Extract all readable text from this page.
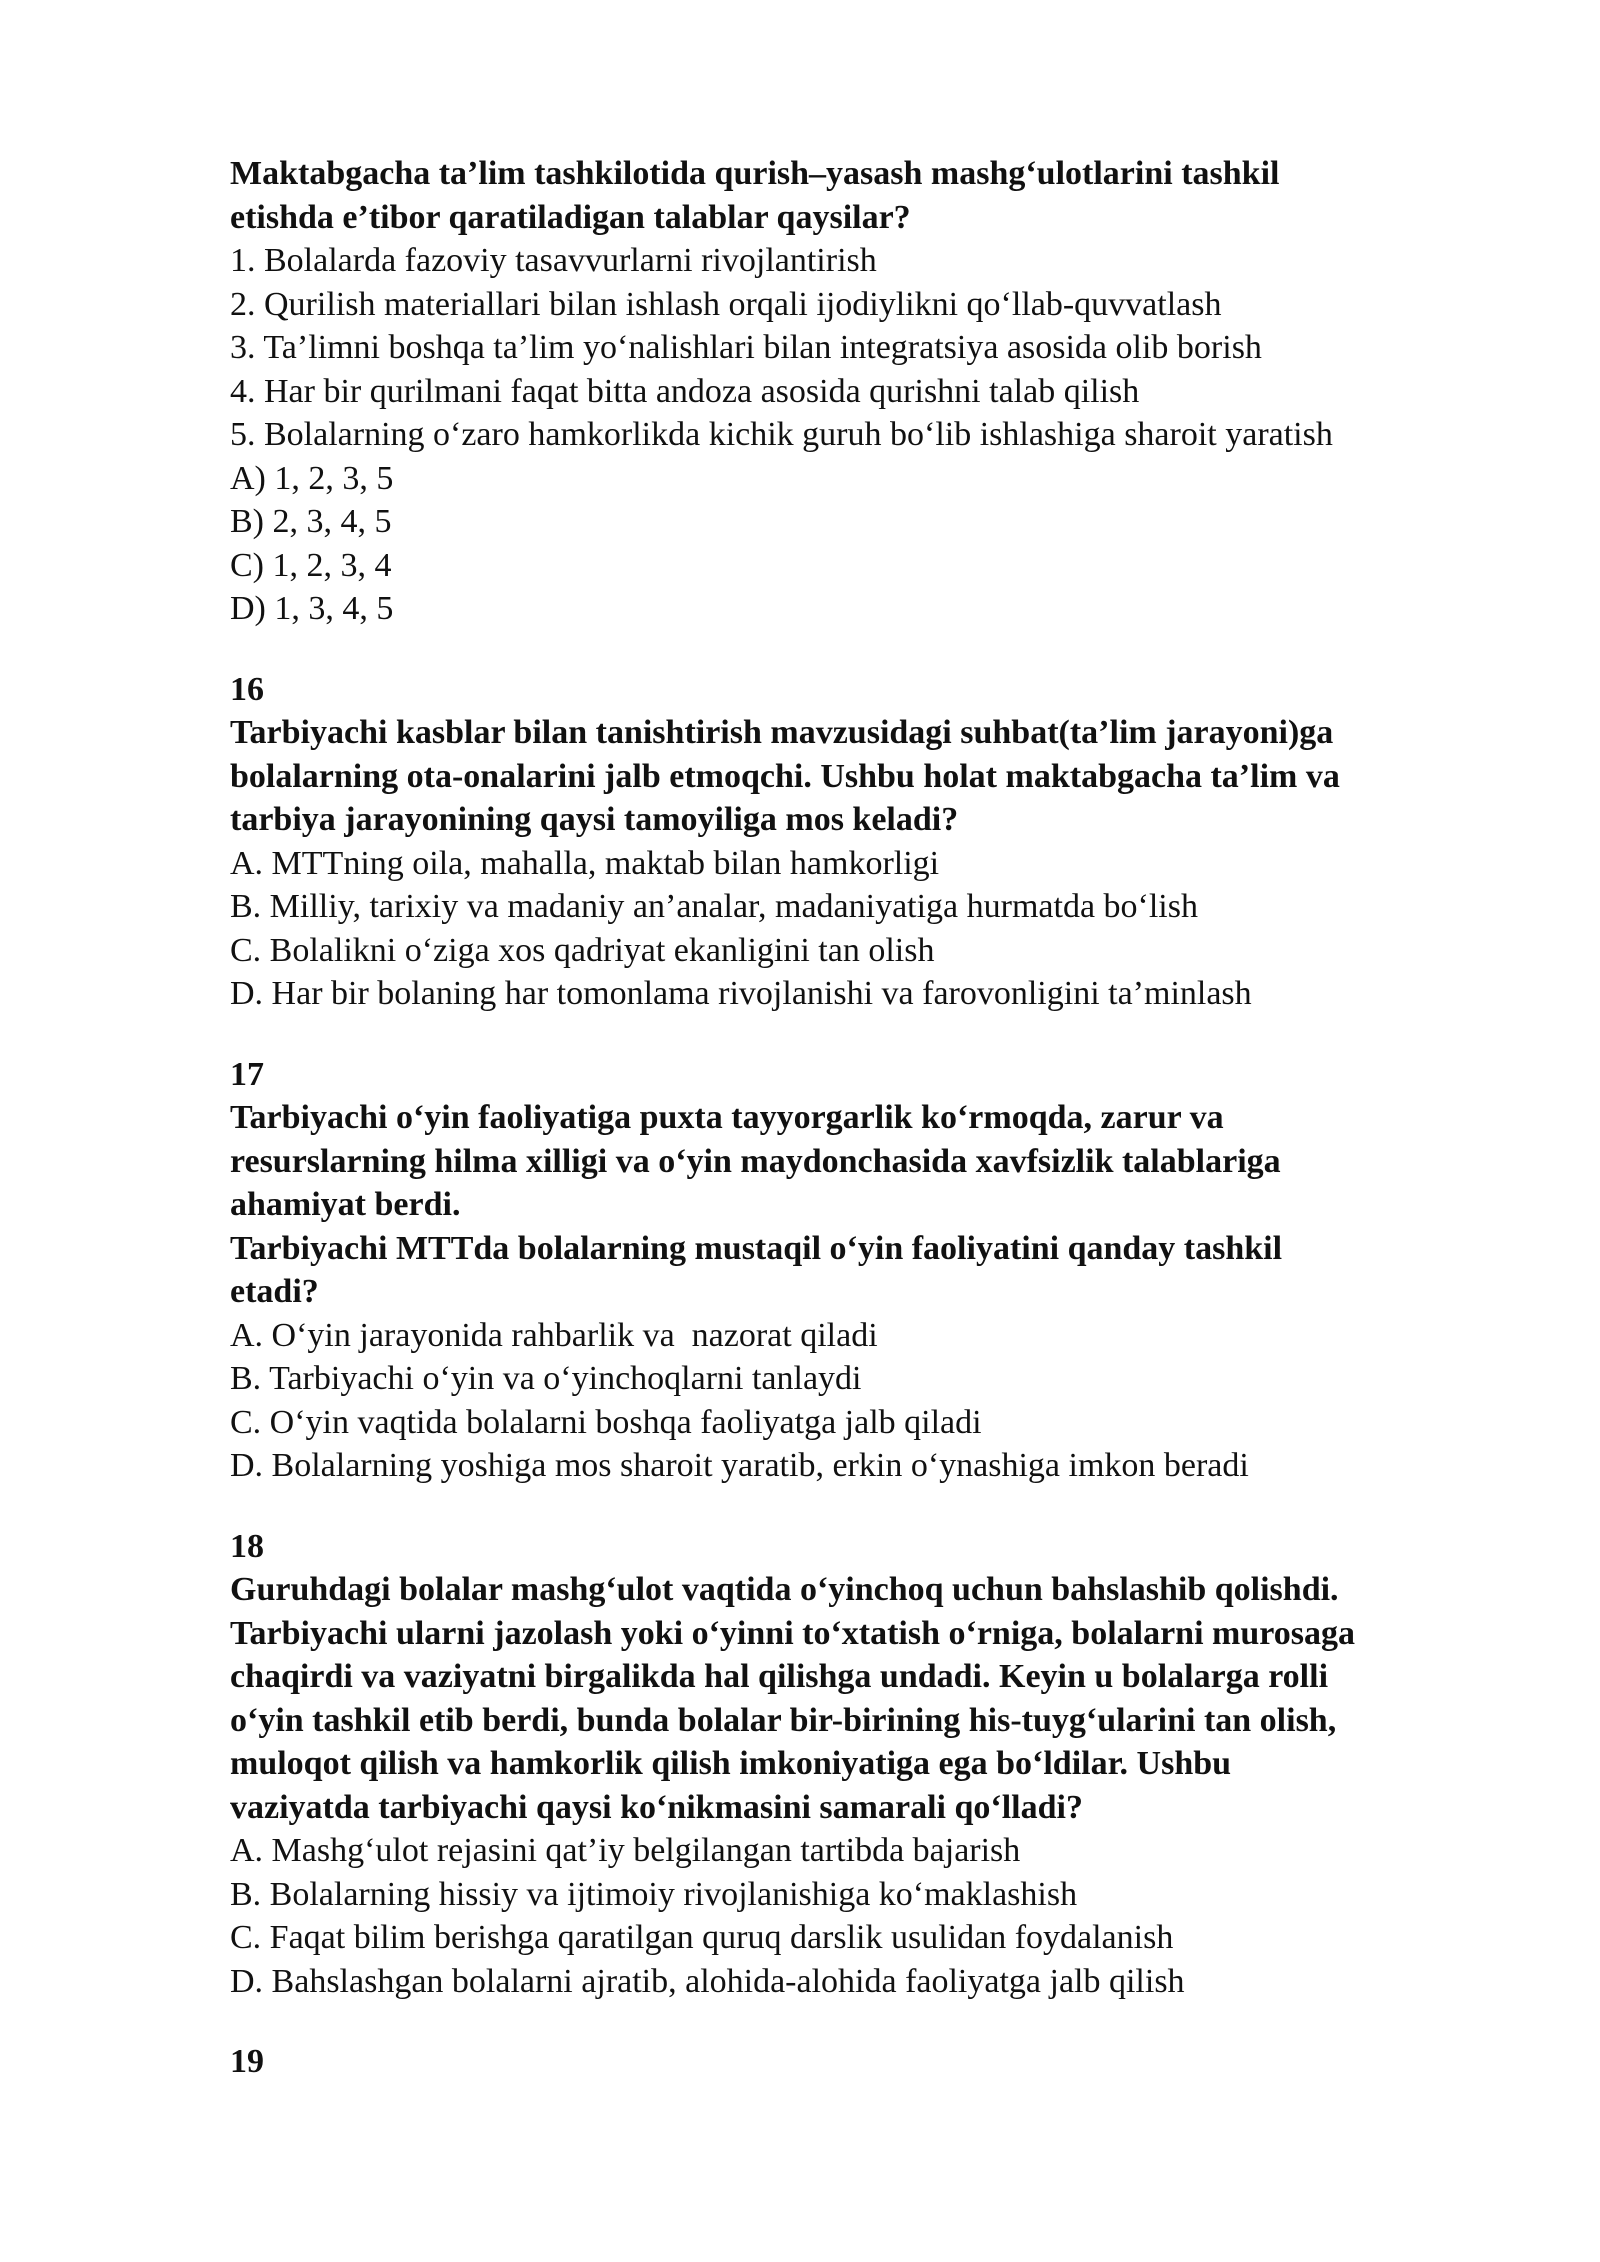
Maktabgacha ta’lim tashkilotida qurish–yasash mashg‘ulotlarini tashkil
etishda e’tibor qaratiladigan talablar qaysilar?
1. Bolalarda fazoviy tasavvurlarni rivojlantirish
2. Qurilish materiallari bilan ishlash orqali ijodiylikni qo‘llab-quvvatlash
3. Ta’limni boshqa ta’lim yo‘nalishlari bilan integratsiya asosida olib borish
4. Har bir qurilmani faqat bitta andoza asosida qurishni talab qilish
5. Bolalarning o‘zaro hamkorlikda kichik guruh bo‘lib ishlashiga sharoit yaratish
A) 1, 2, 3, 5
B) 2, 3, 4, 5
C) 1, 2, 3, 4
D) 1, 3, 4, 5
16
Tarbiyachi kasblar bilan tanishtirish mavzusidagi suhbat(ta’lim jarayoni)ga
bolalarning ota-onalarini jalb etmoqchi. Ushbu holat maktabgacha ta’lim va
tarbiya jarayonining qaysi tamoyiliga mos keladi?
A. MTTning oila, mahalla, maktab bilan hamkorligi
B. Milliy, tarixiy va madaniy an’analar, madaniyatiga hurmatda bo‘lish
C. Bolalikni o‘ziga xos qadriyat ekanligini tan olish
D. Har bir bolaning har tomonlama rivojlanishi va farovonligini ta’minlash
17
Tarbiyachi o‘yin faoliyatiga puxta tayyorgarlik ko‘rmoqda, zarur va
resurslarning hilma xilligi va o‘yin maydonchasida xavfsizlik talablariga
ahamiyat berdi.
Tarbiyachi MTTda bolalarning mustaqil o‘yin faoliyatini qanday tashkil
etadi?
A. O‘yin jarayonida rahbarlik va  nazorat qiladi
B. Tarbiyachi o‘yin va o‘yinchoqlarni tanlaydi
C. O‘yin vaqtida bolalarni boshqa faoliyatga jalb qiladi
D. Bolalarning yoshiga mos sharoit yaratib, erkin o‘ynashiga imkon beradi
18
Guruhdagi bolalar mashg‘ulot vaqtida o‘yinchoq uchun bahslashib qolishdi.
Tarbiyachi ularni jazolash yoki o‘yinni to‘xtatish o‘rniga, bolalarni murosaga
chaqirdi va vaziyatni birgalikda hal qilishga undadi. Keyin u bolalarga rolli
o‘yin tashkil etib berdi, bunda bolalar bir-birining his-tuyg‘ularini tan olish,
muloqot qilish va hamkorlik qilish imkoniyatiga ega bo‘ldilar. Ushbu
vaziyatda tarbiyachi qaysi ko‘nikmasini samarali qo‘lladi?
A. Mashg‘ulot rejasini qat’iy belgilangan tartibda bajarish
B. Bolalarning hissiy va ijtimoiy rivojlanishiga ko‘maklashish
C. Faqat bilim berishga qaratilgan quruq darslik usulidan foydalanish
D. Bahslashgan bolalarni ajratib, alohida-alohida faoliyatga jalb qilish
19
